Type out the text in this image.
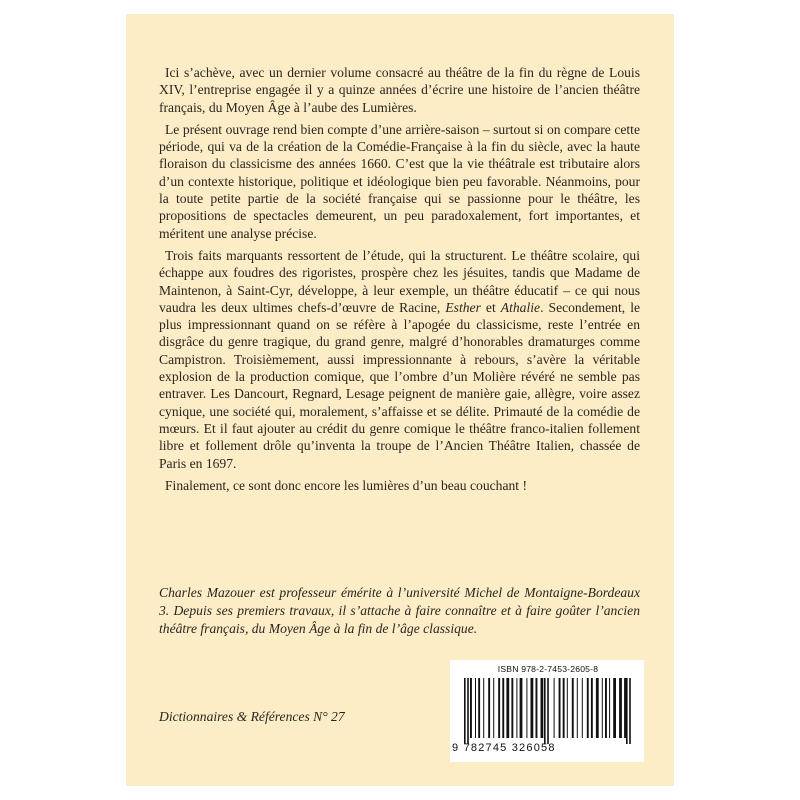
Ici s’achève, avec un dernier volume consacré au théâtre de la fin du règne de Louis XIV, l’entreprise engagée il y a quinze années d’écrire une histoire de l’ancien théâtre français, du Moyen Âge à l’aube des Lumières.

Le présent ouvrage rend bien compte d’une arrière-saison – surtout si on compare cette période, qui va de la création de la Comédie-Française à la fin du siècle, avec la haute floraison du classicisme des années 1660. C’est que la vie théâtrale est tributaire alors d’un contexte historique, politique et idéologique bien peu favorable. Néanmoins, pour la toute petite partie de la société française qui se passionne pour le théâtre, les propositions de spectacles demeurent, un peu paradoxalement, fort importantes, et méritent une analyse précise.

Trois faits marquants ressortent de l’étude, qui la structurent. Le théâtre scolaire, qui échappe aux foudres des rigoristes, prospère chez les jésuites, tandis que Madame de Maintenon, à Saint-Cyr, développe, à leur exemple, un théâtre éducatif – ce qui nous vaudra les deux ultimes chefs-d’œuvre de Racine, Esther et Athalie. Secondement, le plus impressionnant quand on se réfère à l’apogée du classicisme, reste l’entrée en disgrâce du genre tragique, du grand genre, malgré d’honorables dramaturges comme Campistron. Troisièmement, aussi impressionnante à rebours, s’avère la véritable explosion de la production comique, que l’ombre d’un Molière révéré ne semble pas entraver. Les Dancourt, Regnard, Lesage peignent de manière gaie, allègre, voire assez cynique, une société qui, moralement, s’affaisse et se délite. Primauté de la comédie de mœurs. Et il faut ajouter au crédit du genre comique le théâtre franco-italien follement libre et follement drôle qu’inventa la troupe de l’Ancien Théâtre Italien, chassée de Paris en 1697.

Finalement, ce sont donc encore les lumières d’un beau couchant !

Charles Mazouer est professeur émérite à l’université Michel de Montaigne-Bordeaux 3. Depuis ses premiers travaux, il s’attache à faire connaître et à faire goûter l’ancien théâtre français, du Moyen Âge à la fin de l’âge classique.
ISBN 978-2-7453-2605-8
9 782745 326058
Dictionnaires & Références N° 27
